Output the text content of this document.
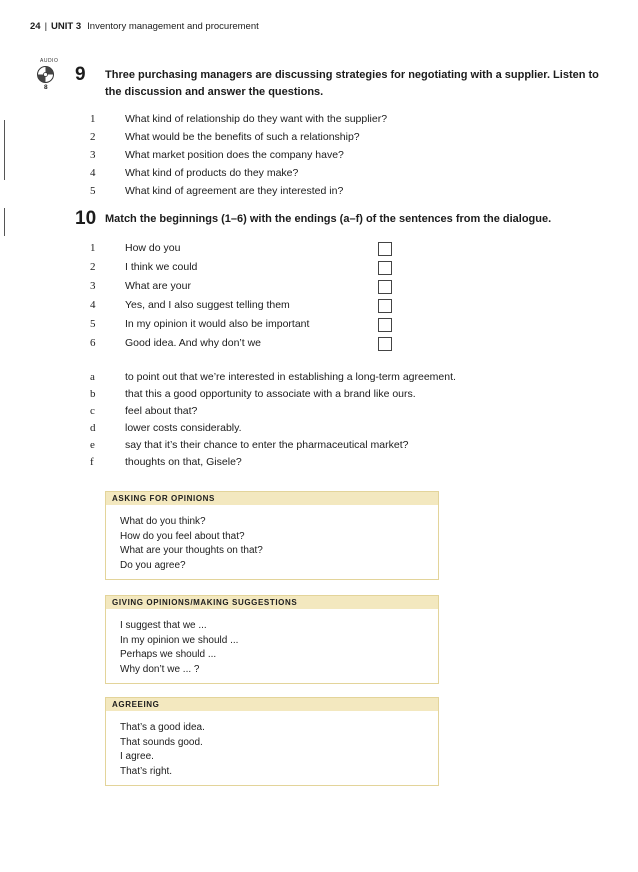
24 | UNIT 3 Inventory management and procurement
AUDIO
8
9 Three purchasing managers are discussing strategies for negotiating with a supplier. Listen to the discussion and answer the questions.
1	What kind of relationship do they want with the supplier?
2	What would be the benefits of such a relationship?
3	What market position does the company have?
4	What kind of products do they make?
5	What kind of agreement are they interested in?
10 Match the beginnings (1–6) with the endings (a–f) of the sentences from the dialogue.
1	How do you
2	I think we could
3	What are your
4	Yes, and I also suggest telling them
5	In my opinion it would also be important
6	Good idea. And why don’t we
a	to point out that we’re interested in establishing a long-term agreement.
b	that this a good opportunity to associate with a brand like ours.
c	feel about that?
d	lower costs considerably.
e	say that it’s their chance to enter the pharmaceutical market?
f	thoughts on that, Gisele?
ASKING FOR OPINIONS
What do you think?
How do you feel about that?
What are your thoughts on that?
Do you agree?
GIVING OPINIONS/MAKING SUGGESTIONS
I suggest that we ...
In my opinion we should ...
Perhaps we should ...
Why don’t we ... ?
AGREEING
That’s a good idea.
That sounds good.
I agree.
That’s right.
